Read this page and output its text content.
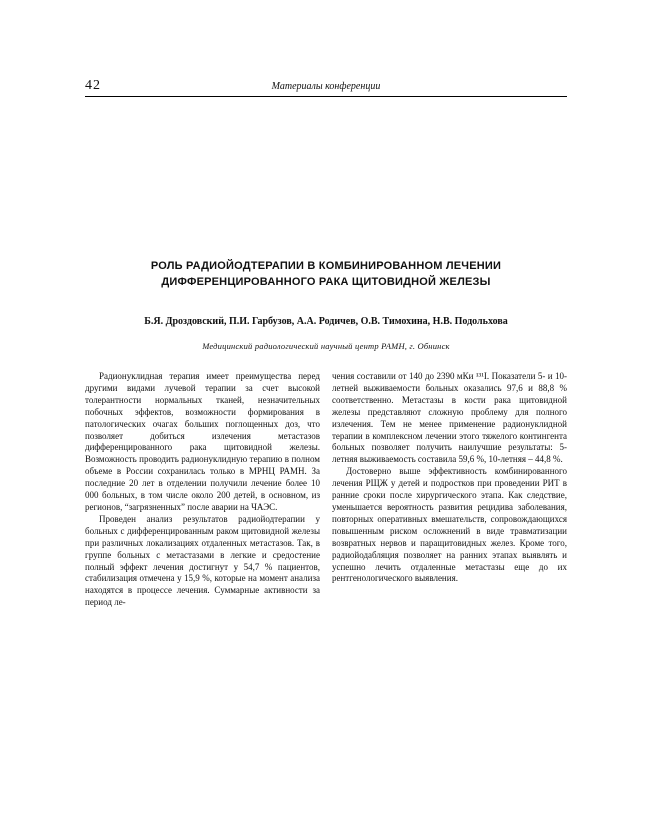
42	Материалы конференции
РОЛЬ РАДИОЙОДТЕРАПИИ В КОМБИНИРОВАННОМ ЛЕЧЕНИИ ДИФФЕРЕНЦИРОВАННОГО РАКА ЩИТОВИДНОЙ ЖЕЛЕЗЫ
Б.Я. Дроздовский, П.И. Гарбузов, А.А. Родичев, О.В. Тимохина, Н.В. Подольхова
Медицинский радиологический научный центр РАМН, г. Обнинск

Радионуклидная терапия имеет преимущества перед другими видами лучевой терапии за счет высокой толерантности нормальных тканей, незначительных побочных эффектов, возможности формирования в патологических очагах больших поглощенных доз, что позволяет добиться излечения метастазов дифференцированного рака щитовидной железы. Возможность проводить радионуклидную терапию в полном объеме в России сохранилась только в МРНЦ РАМН. За последние 20 лет в отделении получили лечение более 10 000 больных, в том числе около 200 детей, в основном, из регионов, “загрязненных” после аварии на ЧАЭС.

Проведен анализ результатов радиойодтерапии у больных с дифференцированным раком щитовидной железы при различных локализациях отдаленных метастазов. Так, в группе больных с метастазами в легкие и средостение полный эффект лечения достигнут у 54,7 % пациентов, стабилизация отмечена у 15,9 %, которые на момент анализа находятся в процессе лечения. Суммарные активности за период ле-

чения составили от 140 до 2390 мКи ¹³¹I. Показатели 5- и 10-летней выживаемости больных оказались 97,6 и 88,8 % соответственно. Метастазы в кости рака щитовидной железы представляют сложную проблему для полного излечения. Тем не менее применение радионуклидной терапии в комплексном лечении этого тяжелого контингента больных позволяет получить наилучшие результаты: 5-летняя выживаемость составила 59,6 %, 10-летняя – 44,8 %.

Достоверно выше эффективность комбинированного лечения РЩЖ у детей и подростков при проведении РИТ в ранние сроки после хирургического этапа. Как следствие, уменьшается вероятность развития рецидива заболевания, повторных оперативных вмешательств, сопровождающихся повышенным риском осложнений в виде травматизации возвратных нервов и паращитовидных желез. Кроме того, радиойодабляция позволяет на ранних этапах выявлять и успешно лечить отдаленные метастазы еще до их рентгенологического выявления.
